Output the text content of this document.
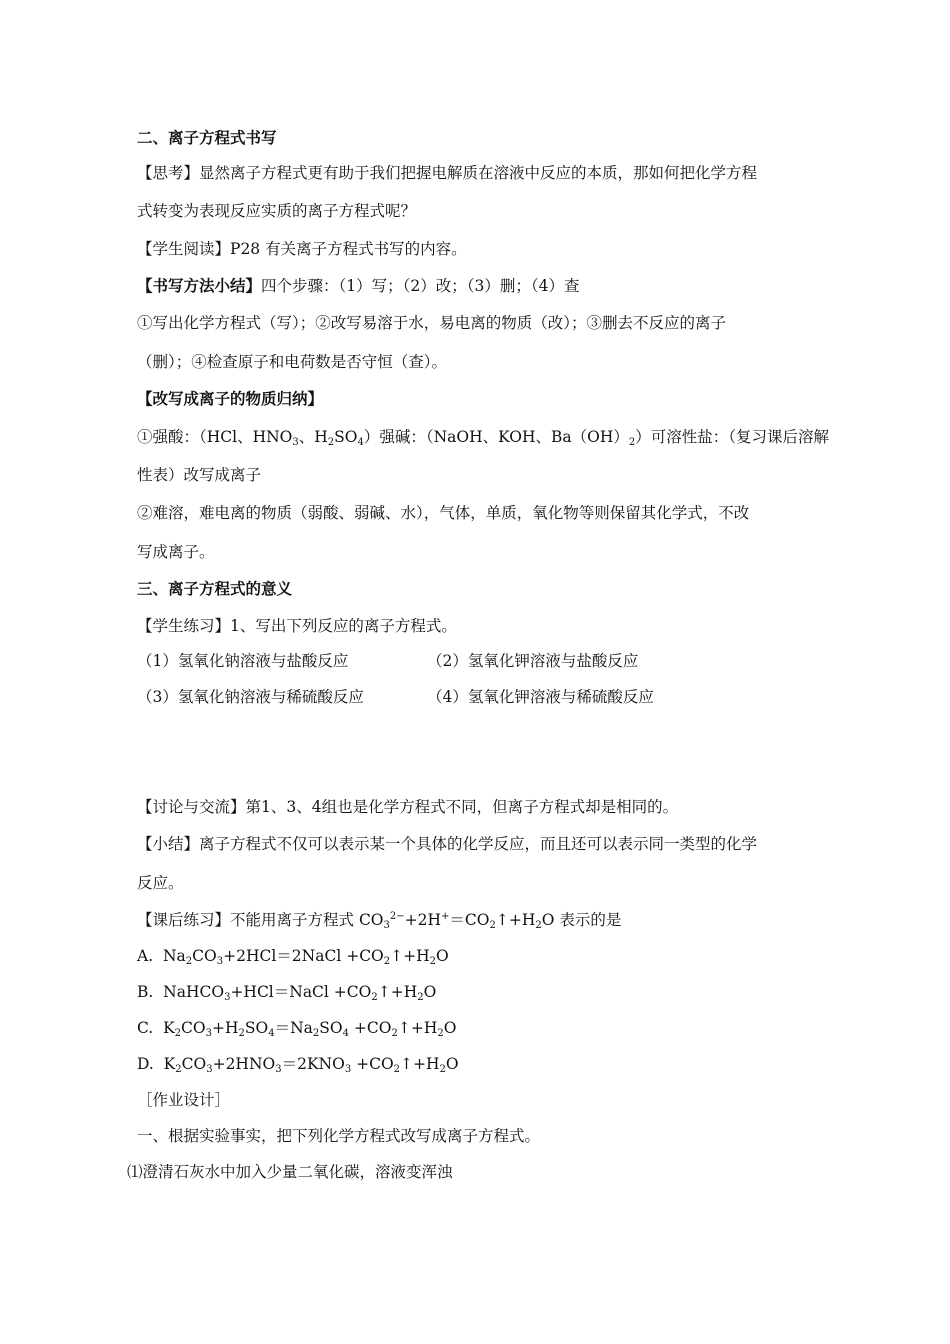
二、离子方程式书写

【思考】显然离子方程式更有助于我们把握电解质在溶液中反应的本质，那如何把化学方程

式转变为表现反应实质的离子方程式呢？

【学生阅读】P28 有关离子方程式书写的内容。

【书写方法小结】四个步骤：（1）写；（2）改；（3）删；（4）查

①写出化学方程式（写）；②改写易溶于水，易电离的物质（改）；③删去不反应的离子

（删）；④检查原子和电荷数是否守恒（查）。

【改写成离子的物质归纳】

①强酸：（HCl、$HNO_3$、$H_2SO_4$）强碱：（NaOH、KOH、$Ba(OH)_2$）可溶性盐：（复习课后溶解

性表）改写成离子

②难溶，难电离的物质（弱酸、弱碱、水），气体，单质，氧化物等则保留其化学式，不改

写成离子。

三、离子方程式的意义

【学生练习】1、写出下列反应的离子方程式。

（1）氢氧化钠溶液与盐酸反应	（2）氢氧化钾溶液与盐酸反应
（3）氢氧化钠溶液与稀硫酸反应	（4）氢氧化钾溶液与稀硫酸反应

【讨论与交流】第1、3、4组也是化学方程式不同，但离子方程式却是相同的。

【小结】离子方程式不仅可以表示某一个具体的化学反应，而且还可以表示同一类型的化学

反应。

【课后练习】不能用离子方程式 $CO_3^{2-}+2H^+=CO_2↑+H_2O$ 表示的是

A.  $Na_2CO_3+2HCl=2NaCl$ $+CO_2↑+H_2O$

B.  NaHCO$_3$+HCl＝NaCl $+CO_2↑+H_2O$

C.  $K_2CO_3+H_2SO_4=Na_2SO_4$ $+CO_2↑+H_2O$

D.  $K_2CO_3+2HNO_3=2KNO_3$ $+CO_2↑+H_2O$

［作业设计］

一、根据实验事实，把下列化学方程式改写成离子方程式。

⑴澄清石灰水中加入少量二氧化碳，溶液变浑浊
